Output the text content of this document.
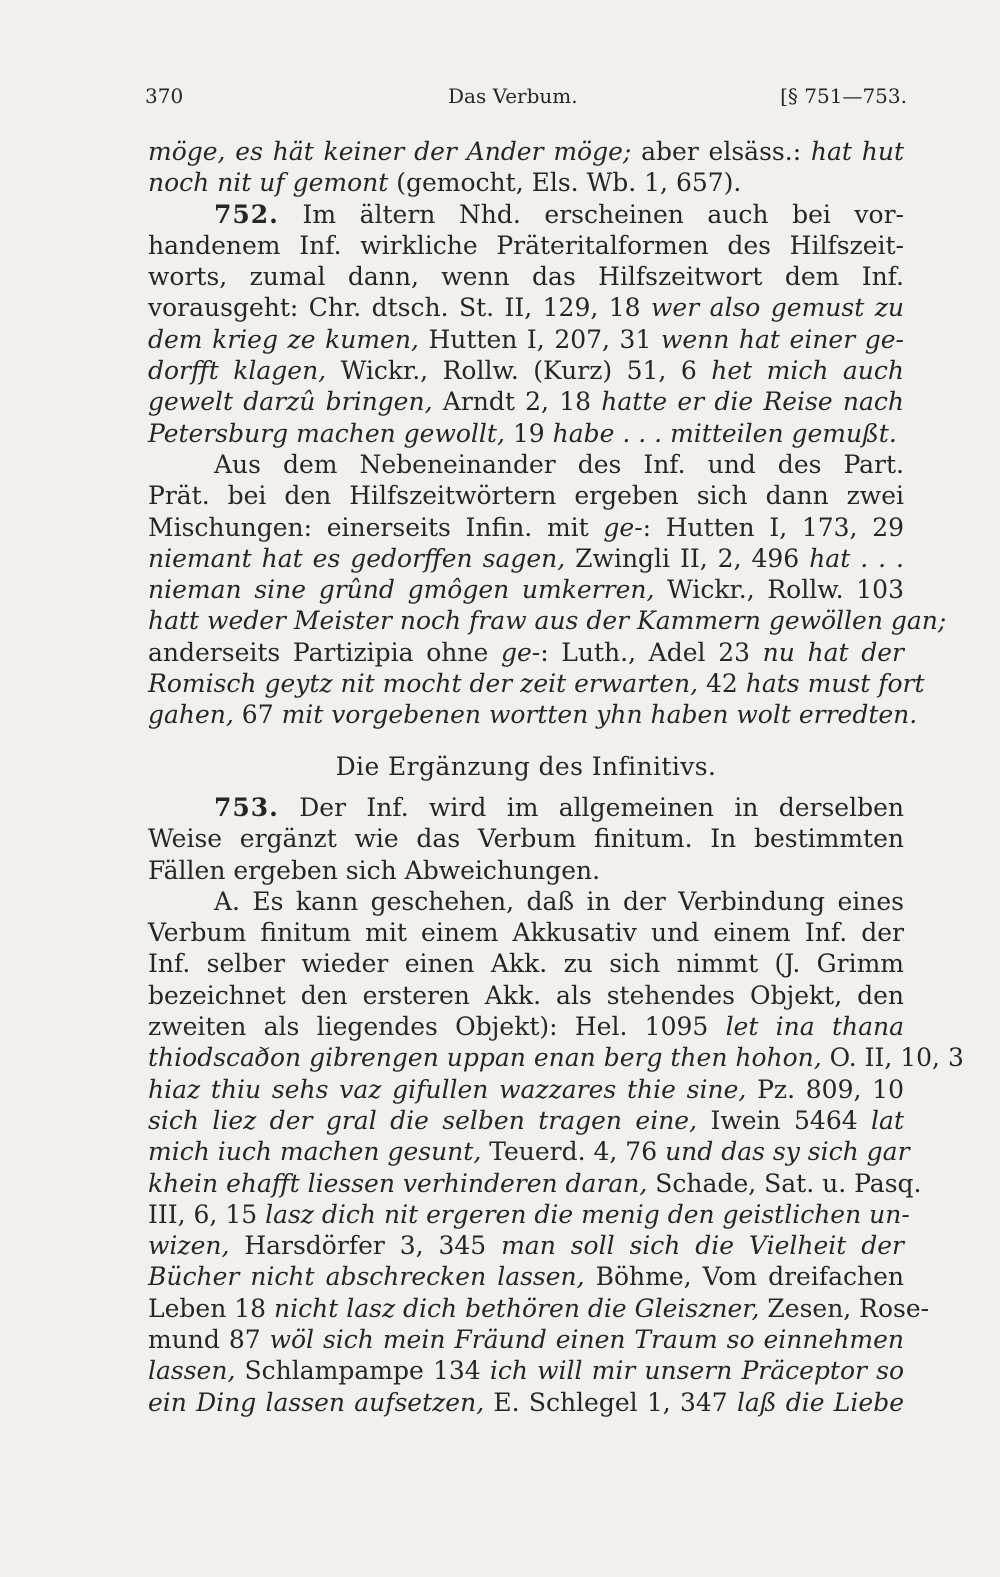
370	Das Verbum.	[§ 751—753.
möge, es hät keiner der Ander möge; aber elsäss.: hat hut
noch nit uf gemont (gemocht, Els. Wb. 1, 657).
752. Im ältern Nhd. erscheinen auch bei vor-
handenem Inf. wirkliche Präteritalformen des Hilfszeit-
worts, zumal dann, wenn das Hilfszeitwort dem Inf.
vorausgeht: Chr. dtsch. St. II, 129, 18 wer also gemust zu
dem krieg ze kumen, Hutten I, 207, 31 wenn hat einer ge-
dorfft klagen, Wickr., Rollw. (Kurz) 51, 6 het mich auch
gewelt darzû bringen, Arndt 2, 18 hatte er die Reise nach
Petersburg machen gewollt, 19 habe . . . mitteilen gemußt.
Aus dem Nebeneinander des Inf. und des Part.
Prät. bei den Hilfszeitwörtern ergeben sich dann zwei
Mischungen: einerseits Infin. mit ge-: Hutten I, 173, 29
niemant hat es gedorffen sagen, Zwingli II, 2, 496 hat . . .
nieman sine grûnd gmôgen umkerren, Wickr., Rollw. 103
hatt weder Meister noch fraw aus der Kammern gewöllen gan;
anderseits Partizipia ohne ge-: Luth., Adel 23 nu hat der
Romisch geytz nit mocht der zeit erwarten, 42 hats must fort
gahen, 67 mit vorgebenen wortten yhn haben wolt erredten.
Die Ergänzung des Infinitivs.
753. Der Inf. wird im allgemeinen in derselben
Weise ergänzt wie das Verbum finitum. In bestimmten
Fällen ergeben sich Abweichungen.
A. Es kann geschehen, daß in der Verbindung eines
Verbum finitum mit einem Akkusativ und einem Inf. der
Inf. selber wieder einen Akk. zu sich nimmt (J. Grimm
bezeichnet den ersteren Akk. als stehendes Objekt, den
zweiten als liegendes Objekt): Hel. 1095 let ina thana
thiodscaðon gibrengen uppan enan berg then hohon, O. II, 10, 3
hiaz thiu sehs vaz gifullen wazzares thie sine, Pz. 809, 10
sich liez der gral die selben tragen eine, Iwein 5464 lat
mich iuch machen gesunt, Teuerd. 4, 76 und das sy sich gar
khein ehafft liessen verhinderen daran, Schade, Sat. u. Pasq.
III, 6, 15 lasz dich nit ergeren die menig den geistlichen un-
wizen, Harsdörfer 3, 345 man soll sich die Vielheit der
Bücher nicht abschrecken lassen, Böhme, Vom dreifachen
Leben 18 nicht lasz dich bethören die Gleiszner, Zesen, Rose-
mund 87 wöl sich mein Fräund einen Traum so einnehmen
lassen, Schlampampe 134 ich will mir unsern Präceptor so
ein Ding lassen aufsetzen, E. Schlegel 1, 347 laß die Liebe
